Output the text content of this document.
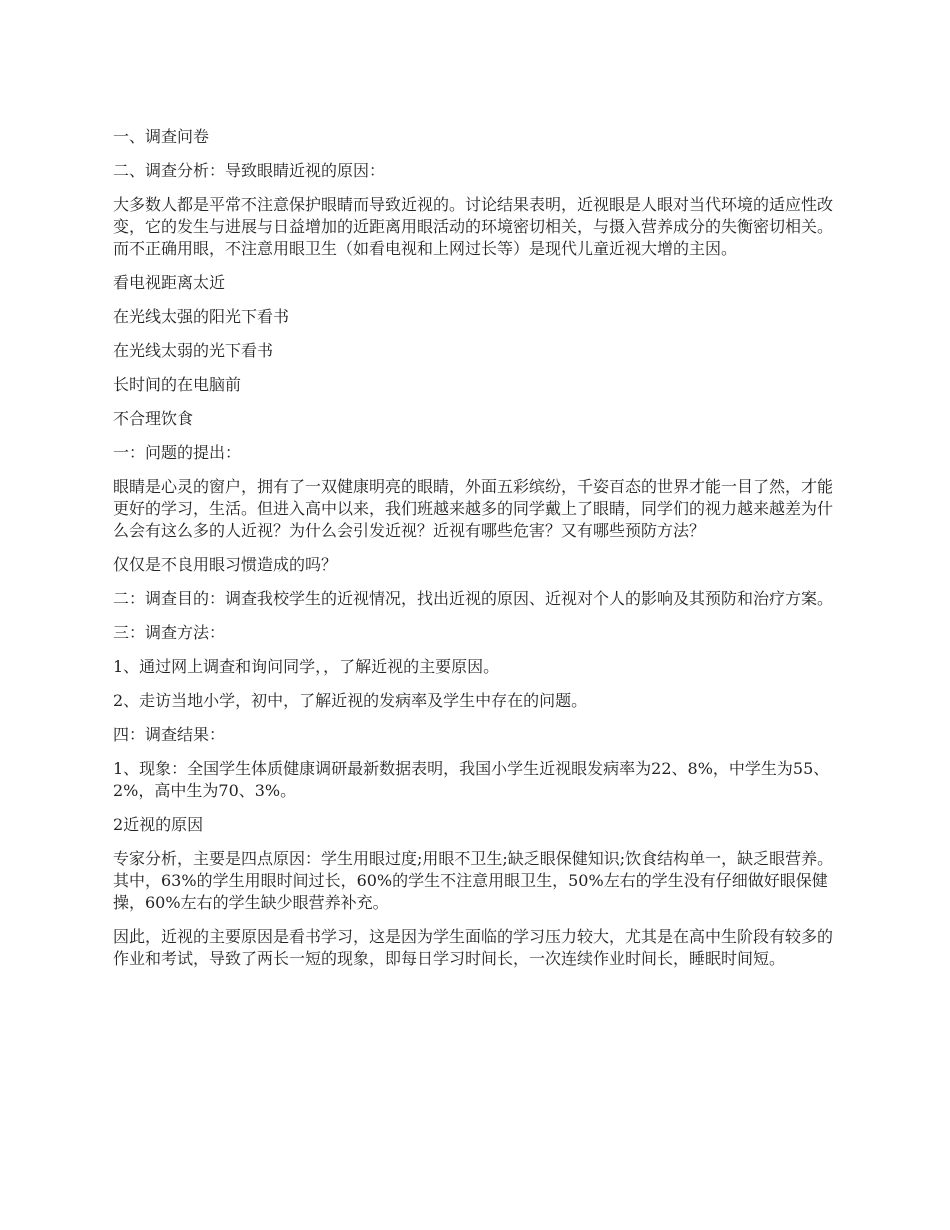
一、调查问卷

二、调查分析：导致眼睛近视的原因：

大多数人都是平常不注意保护眼睛而导致近视的。讨论结果表明，近视眼是人眼对当代环境的适应性改变，它的发生与进展与日益增加的近距离用眼活动的环境密切相关，与摄入营养成分的失衡密切相关。而不正确用眼，不注意用眼卫生（如看电视和上网过长等）是现代儿童近视大增的主因。

看电视距离太近

在光线太强的阳光下看书

在光线太弱的光下看书

长时间的在电脑前

不合理饮食

一：问题的提出：

眼睛是心灵的窗户，拥有了一双健康明亮的眼睛，外面五彩缤纷，千姿百态的世界才能一目了然，才能更好的学习，生活。但进入高中以来，我们班越来越多的同学戴上了眼睛，同学们的视力越来越差为什么会有这么多的人近视？为什么会引发近视？近视有哪些危害？又有哪些预防方法？

仅仅是不良用眼习惯造成的吗？

二：调查目的：调查我校学生的近视情况，找出近视的原因、近视对个人的影响及其预防和治疗方案。

三：调查方法：

1、通过网上调查和询问同学，，了解近视的主要原因。

2、走访当地小学，初中，了解近视的发病率及学生中存在的问题。

四：调查结果：

1、现象：全国学生体质健康调研最新数据表明，我国小学生近视眼发病率为22、8%，中学生为55、2%，高中生为70、3%。

2近视的原因

专家分析，主要是四点原因：学生用眼过度;用眼不卫生;缺乏眼保健知识;饮食结构单一，缺乏眼营养。其中，63%的学生用眼时间过长，60%的学生不注意用眼卫生，50%左右的学生没有仔细做好眼保健操，60%左右的学生缺少眼营养补充。

因此，近视的主要原因是看书学习，这是因为学生面临的学习压力较大，尤其是在高中生阶段有较多的作业和考试，导致了两长一短的现象，即每日学习时间长，一次连续作业时间长，睡眠时间短。
